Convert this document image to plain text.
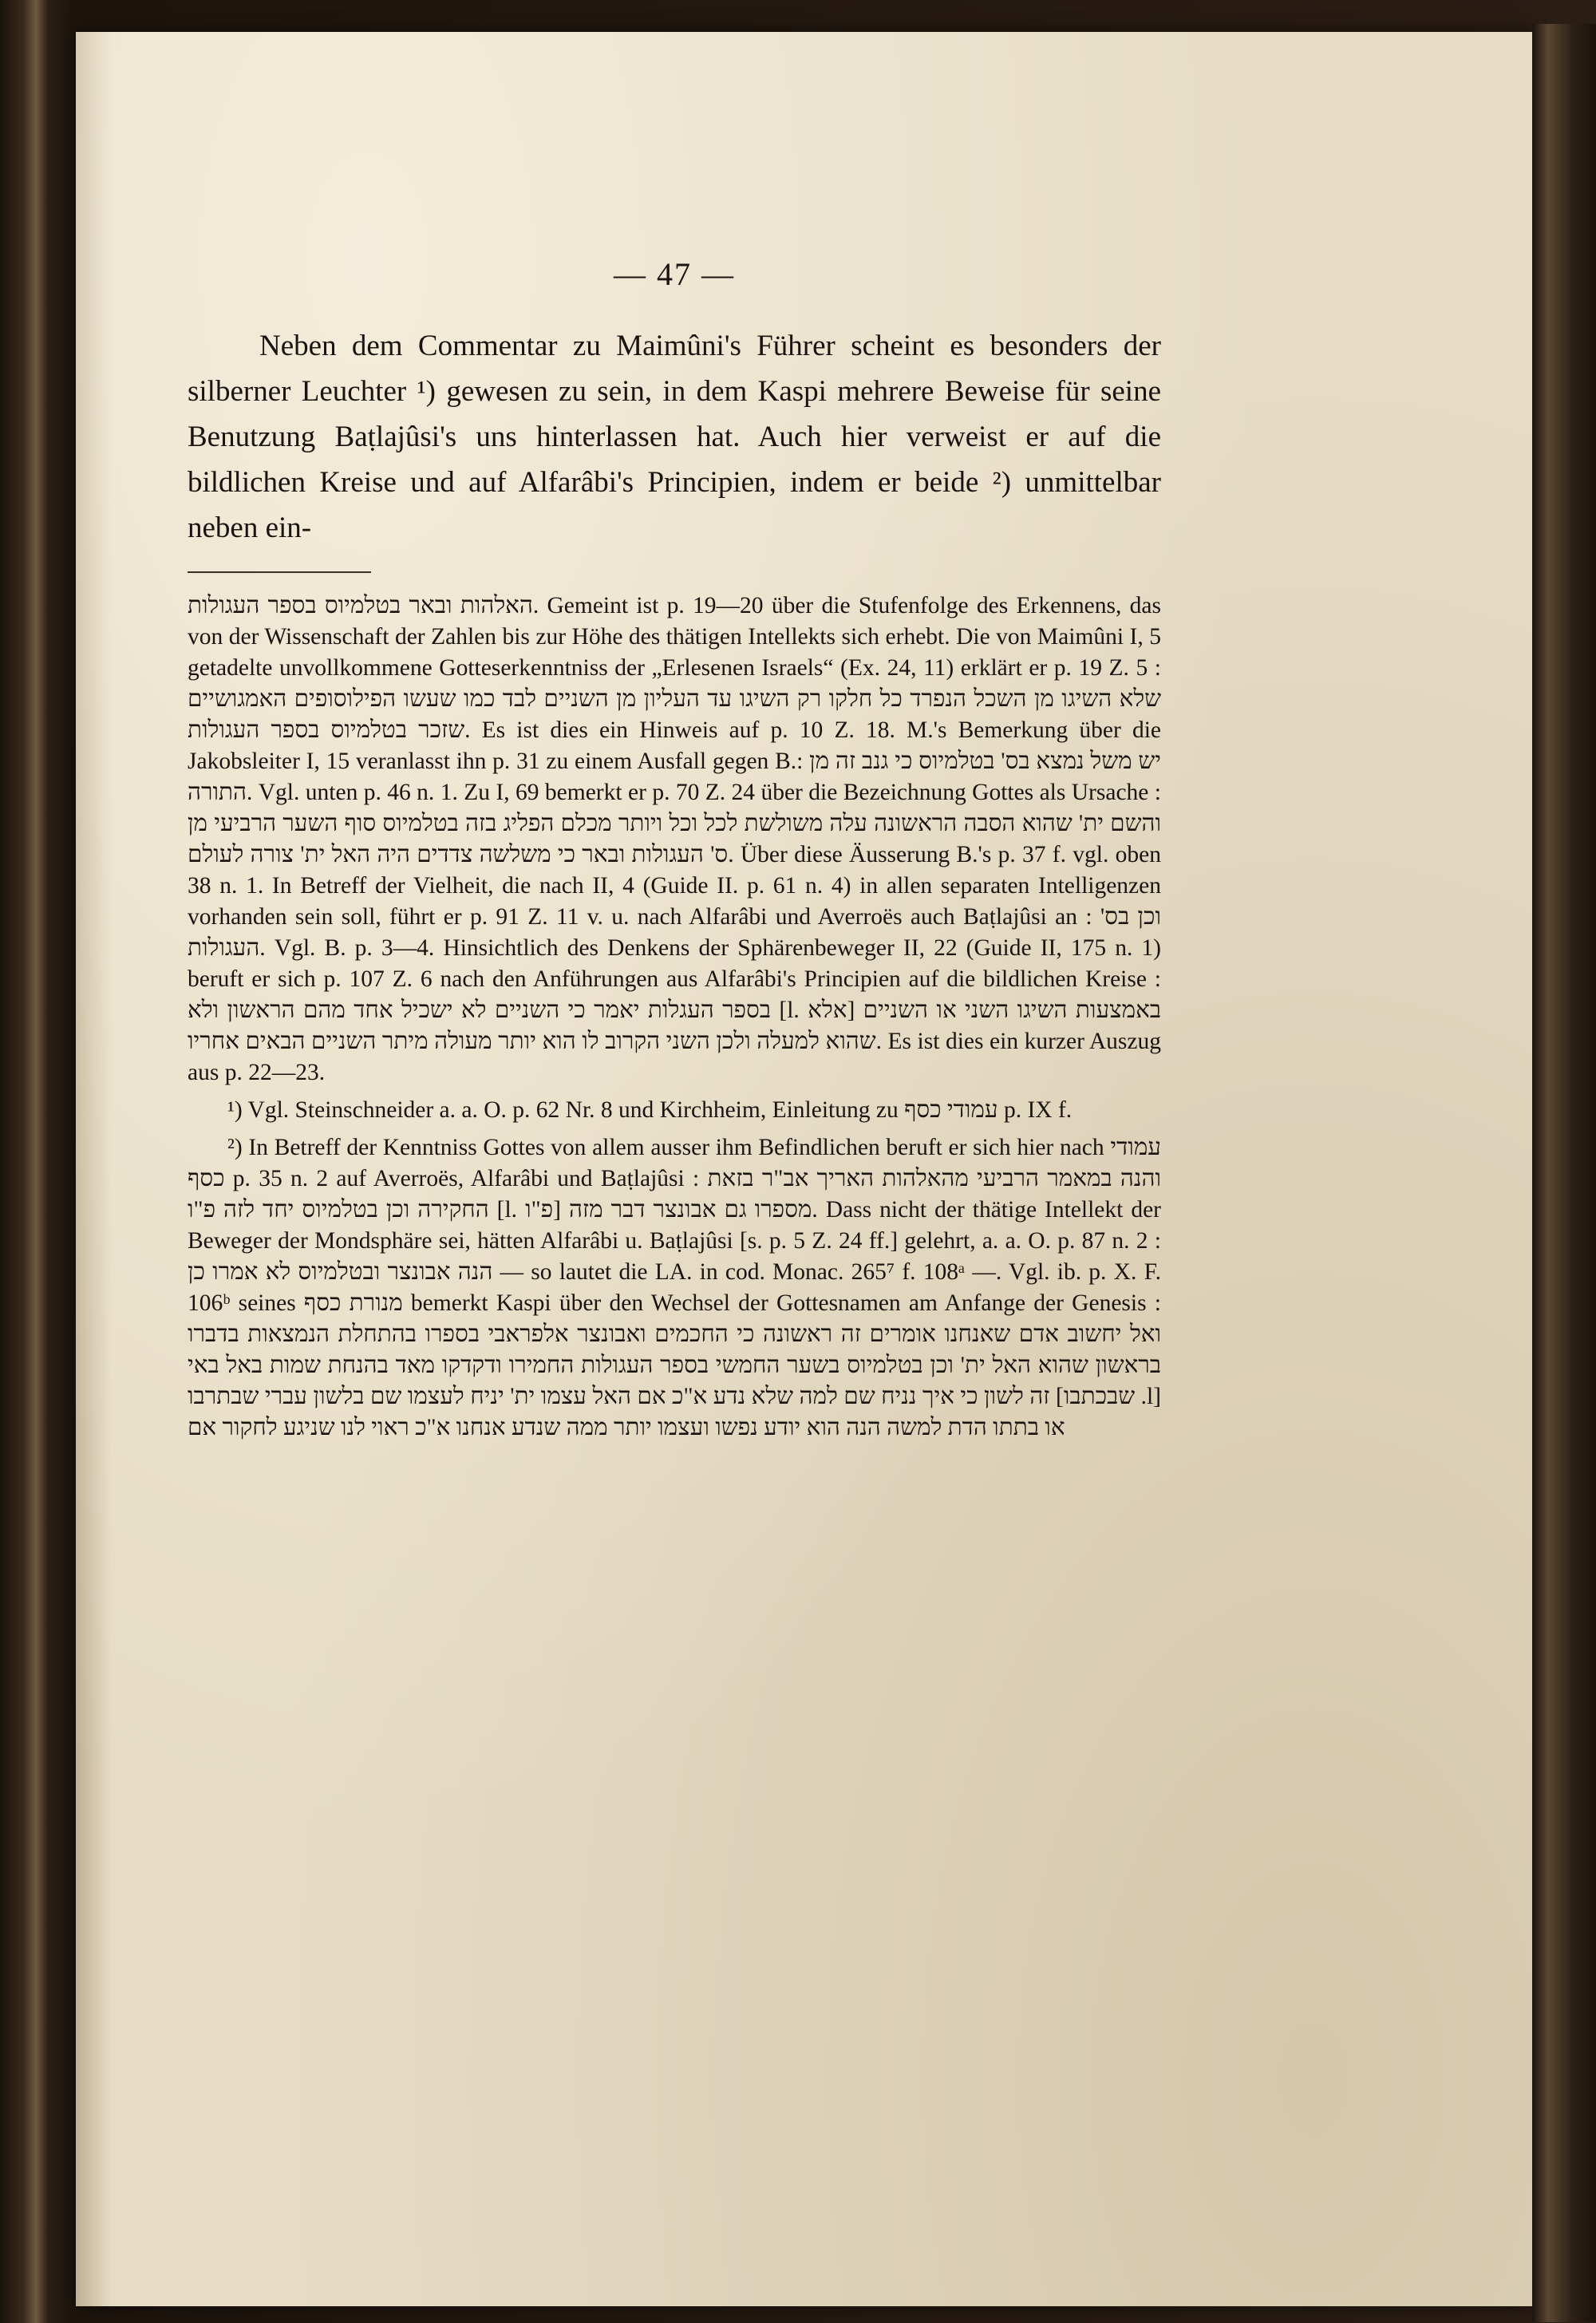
— 47 —

Neben dem Commentar zu Maimûni's Führer scheint es besonders der silberner Leuchter ¹) gewesen zu sein, in dem Kaspi mehrere Beweise für seine Benutzung Baṭlajûsi's uns hinterlassen hat. Auch hier verweist er auf die bildlichen Kreise und auf Alfarâbi's Principien, indem er beide ²) unmittelbar neben ein-

האלהות ובאר בטלמיוס בספר העגולות. Gemeint ist p. 19—20 über die Stufenfolge des Erkennens, das von der Wissenschaft der Zahlen bis zur Höhe des thätigen Intellekts sich erhebt. Die von Maimûni I, 5 getadelte unvollkommene Gotteserkenntniss der „Erlesenen Israels“ (Ex. 24, 11) erklärt er p. 19 Z. 5 : שלא השיגו מן השכל הנפרד כל חלקו רק השיגו עד העליון מן השניים לבד כמו שעשו הפילוסופים האמגושיים שזכר בטלמיוס בספר העגולות. Es ist dies ein Hinweis auf p. 10 Z. 18. M.'s Bemerkung über die Jakobsleiter I, 15 veranlasst ihn p. 31 zu einem Ausfall gegen B.: יש משל נמצא בס' בטלמיוס כי גנב זה מן התורה. Vgl. unten p. 46 n. 1. Zu I, 69 bemerkt er p. 70 Z. 24 über die Bezeichnung Gottes als Ursache : והשם ית' שהוא הסבה הראשונה עלה משולשת לכל וכל ויותר מכלם הפליג בזה בטלמיוס סוף השער הרביעי מן ס' העגולות ובאר כי משלשה צדדים היה האל ית' צורה לעולם. Über diese Äusserung B.'s p. 37 f. vgl. oben 38 n. 1. In Betreff der Vielheit, die nach II, 4 (Guide II. p. 61 n. 4) in allen separaten Intelligenzen vorhanden sein soll, führt er p. 91 Z. 11 v. u. nach Alfarâbi und Averroës auch Baṭlajûsi an : וכן בס' העגולות. Vgl. B. p. 3—4. Hinsichtlich des Denkens der Sphärenbeweger II, 22 (Guide II, 175 n. 1) beruft er sich p. 107 Z. 6 nach den Anführungen aus Alfarâbi's Principien auf die bildlichen Kreise : בספר העגלות יאמר כי השניים לא ישכיל אחד מהם הראשון ולא [l. אלא] באמצעות השיגו השני או השניים שהוא למעלה ולכן השני הקרוב לו הוא יותר מעולה מיתר השניים הבאים אחריו. Es ist dies ein kurzer Auszug aus p. 22—23.

¹) Vgl. Steinschneider a. a. O. p. 62 Nr. 8 und Kirchheim, Einleitung zu עמודי כסף p. IX f.

²) In Betreff der Kenntniss Gottes von allem ausser ihm Befindlichen beruft er sich hier nach עמודי כסף p. 35 n. 2 auf Averroës, Alfarâbi und Baṭlajûsi : והנה במאמר הרביעי מהאלהות האריך אב"ר בזאת החקירה וכן בטלמיוס יחד לזה פ"ו [l. פ"ו] מספרו גם אבונצר דבר מזה. Dass nicht der thätige Intellekt der Beweger der Mondsphäre sei, hätten Alfarâbi u. Baṭlajûsi [s. p. 5 Z. 24 ff.] gelehrt, a. a. O. p. 87 n. 2 : הנה אבונצר ובטלמיוס לא אמרו כן — so lautet die LA. in cod. Monac. 265⁷ f. 108ᵃ —. Vgl. ib. p. X. F. 106ᵇ seines מנורת כסף bemerkt Kaspi über den Wechsel der Gottesnamen am Anfange der Genesis : ואל יחשוב אדם שאנחנו אומרים זה ראשונה כי החכמים ואבונצר אלפראבי בספרו בהתחלת הנמצאות בדברו בראשון שהוא האל ית' וכן בטלמיוס בשער החמשי בספר העגולות החמירו ודקדקו מאד בהנחת שמות באל באי זה לשון כי איך נניח שם למה שלא נדע א"כ אם האל עצמו ית' יניח לעצמו שם בלשון עברי שבתרבו [שבכתבו .l] או בתתו הדת למשה הנה הוא יודע נפשו ועצמו יותר ממה שנדע אנחנו א"כ ראוי לנו שניגע לחקור אם
